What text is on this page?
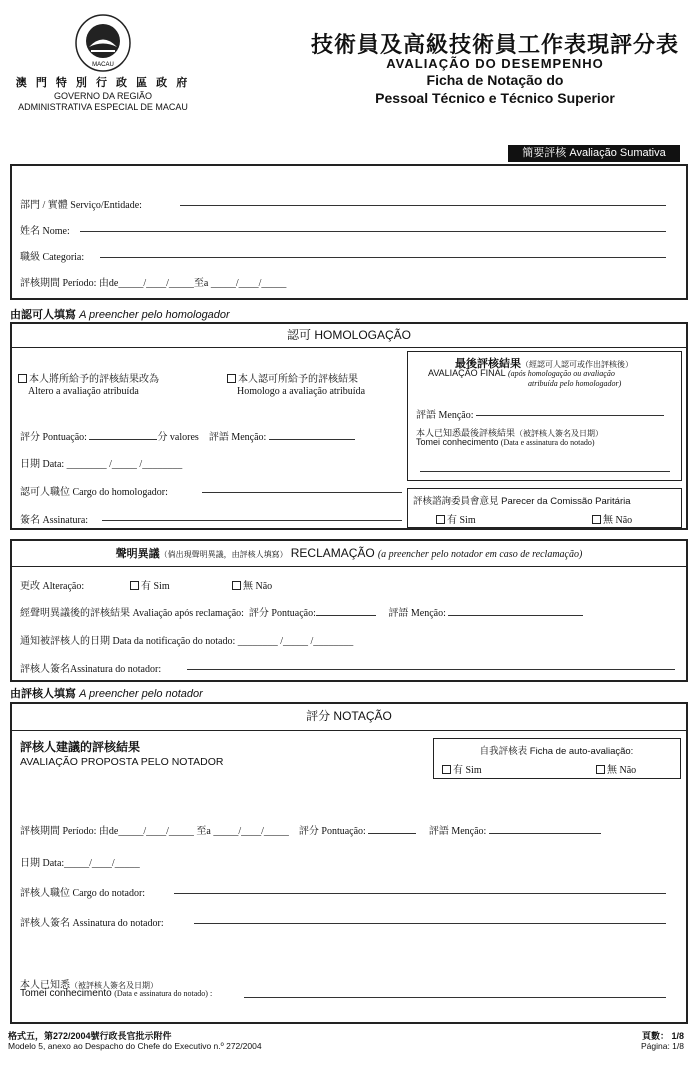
MACAU
澳 門 特 別 行 政 區 政 府
GOVERNO DA REGIÃO
ADMINISTRATIVA ESPECIAL DE MACAU
技術員及高級技術員工作表現評分表
AVALIAÇÃO DO DESEMPENHO
Ficha de Notação do
Pessoal Técnico e Técnico Superior
簡要評核 Avaliação Sumativa
部門 / 實體 Serviço/Entidade:
姓名 Nome:
職級 Categoria:
評核期間 Período: 由de_____/____/_____至a _____/____/_____
由認可人填寫 A preencher pelo homologador
認可 HOMOLOGAÇÃO
本人將所給予的評核結果改為
Altero a avaliação atribuída
本人認可所給予的評核結果
Homologo a avaliação atribuída
評分 Pontuação:	分 valores 評語 Menção:
日期 Data: ________ /_____ /________
認可人職位 Cargo do homologador:
簽名 Assinatura:
最後評核結果（經認可人認可或作出評核後）
AVALIAÇÃO FINAL (após homologação ou avaliação
atribuída pelo homologador)
評語 Menção:
本人已知悉最後評核結果（被評核人簽名及日期）
Tomei conhecimento (Data e assinatura do notado)
評核諮詢委員會意見 Parecer da Comissão Paritária
有 Sim	無 Não
聲明異議（倘出現聲明異議，由評核人填寫） RECLAMAÇÃO (a preencher pelo notador em caso de reclamação)
更改 Alteração:	有 Sim	無 Não
經聲明異議後的評核結果 Avaliação após reclamação: 評分 Pontuação:	評語 Menção:
通知被評核人的日期 Data da notificação do notado: ________ /_____ /________
評核人簽名Assinatura do notador:
由評核人填寫 A preencher pelo notador
評分 NOTAÇÃO
評核人建議的評核結果
AVALIAÇÃO PROPOSTA PELO NOTADOR
自我評核表 Ficha de auto-avaliação:
有 Sim	無 Não
評核期間 Período: 由de_____/____/_____ 至a _____/____/_____ 評分 Pontuação:	評語 Menção:
日期 Data:_____/____/_____
評核人職位 Cargo do notador:
評核人簽名 Assinatura do notador:
本人已知悉（被評核人簽名及日期）
Tomei conhecimento (Data e assinatura do notado) :
格式五，第272/2004號行政長官批示附件
Modelo 5, anexo ao Despacho do Chefe do Executivo n.º 272/2004
頁數： 1/8
Página: 1/8
